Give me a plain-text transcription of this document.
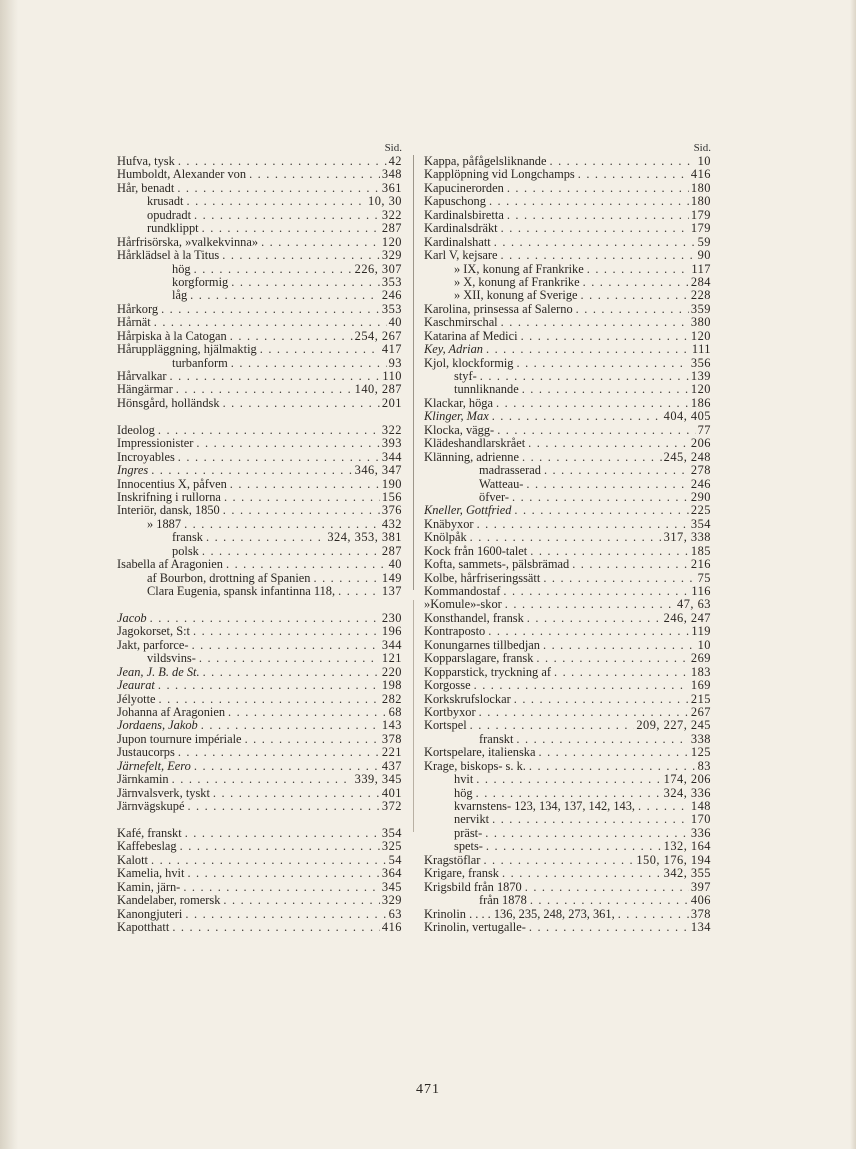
Sid.
Hufva, tysk . . .	42
Humboldt, Alexander von . . .	348
Hår, benadt . . .	361
krusadt . . .	10, 30
opudradt . . .	322
rundklippt . . .	287
Hårfrisörska, »valkekvinna» . . .	120
Hårklädsel à la Titus . . .	329
hög . . .	226, 307
korgformig . . .	353
låg . . .	246
Hårkorg . . .	353
Hårnät . . .	40
Hårpiska à la Catogan . . .	254, 267
Håruppläggning, hjälmaktig . . .	417
turbanform . . .	93
Hårvalkar . . .	110
Hängärmar . . .	140, 287
Hönsgård, holländsk . . .	201
Ideolog . . .	322
Impressionister . . .	393
Incroyables . . .	344
Ingres . . .	346, 347
Innocentius X, påfven . . .	190
Inskrifning i rullorna . . .	156
Interiör, dansk, 1850 . . .	376
» 1887 . . .	432
fransk . . .	324, 353, 381
polsk . . .	287
Isabella af Aragonien . . .	40
af Bourbon, drottning af Spanien . . .	149
Clara Eugenia, spansk infantinna 118, . . .	137
Jacob . . .	230
Jagokorset, S:t . . .	196
Jakt, parforce- . . .	344
vildsvins- . . .	121
Jean, J. B. de St. . . .	220
Jeaurat . . .	198
Jélyotte . . .	282
Johanna af Aragonien . . .	68
Jordaens, Jakob . . .	143
Jupon tournure impériale . . .	378
Justaucorps . . .	221
Järnefelt, Eero . . .	437
Järnkamin . . .	339, 345
Järnvalsverk, tyskt . . .	401
Järnvägskupé . . .	372
Kafé, franskt . . .	354
Kaffebeslag . . .	325
Kalott . . .	54
Kamelia, hvit . . .	364
Kamin, järn- . . .	345
Kandelaber, romersk . . .	329
Kanongjuteri . . .	63
Kapotthatt . . .	416
Sid.
Kappa, påfågelsliknande . . .	10
Kapplöpning vid Longchamps . . .	416
Kapucinerorden . . .	180
Kapuschong . . .	180
Kardinalsbiretta . . .	179
Kardinalsdräkt . . .	179
Kardinalshatt . . .	59
Karl V, kejsare . . .	90
» IX, konung af Frankrike . . .	117
» X, konung af Frankrike . . .	284
» XII, konung af Sverige . . .	228
Karolina, prinsessa af Salerno . . .	359
Kaschmirschal . . .	380
Katarina af Medici . . .	120
Key, Adrian . . .	111
Kjol, klockformig . . .	356
styf- . . .	139
tunnliknande . . .	120
Klackar, höga . . .	186
Klinger, Max . . .	404, 405
Klocka, vägg- . . .	77
Klädeshandlarskrået . . .	206
Klänning, adrienne . . .	245, 248
madrasserad . . .	278
Watteau- . . .	246
öfver- . . .	290
Kneller, Gottfried . . .	225
Knäbyxor . . .	354
Knölpåk . . .	317, 338
Kock från 1600-talet . . .	185
Kofta, sammets-, pälsbrämad . . .	216
Kolbe, hårfriseringssätt . . .	75
Kommandostaf . . .	116
»Komule»-skor . . .	47, 63
Konsthandel, fransk . . .	246, 247
Kontraposto . . .	119
Konungarnes tillbedjan . . .	10
Kopparslagare, fransk . . .	269
Kopparstick, tryckning af . . .	183
Korgosse . . .	169
Korkskrufslockar . . .	215
Kortbyxor . . .	267
Kortspel . . .	209, 227, 245
franskt . . .	338
Kortspelare, italienska . . .	125
Krage, biskops- s. k. . . .	83
hvit . . .	174, 206
hög . . .	324, 336
kvarnstens- 123, 134, 137, 142, 143, . . .	148
nervikt . . .	170
präst- . . .	336
spets- . . .	132, 164
Kragstöflar . . .	150, 176, 194
Krigare, fransk . . .	342, 355
Krigsbild från 1870 . . .	397
från 1878 . . .	406
Krinolin . . . . 136, 235, 248, 273, 361, . . .	378
Krinolin, vertugalle- . . .	134
471
